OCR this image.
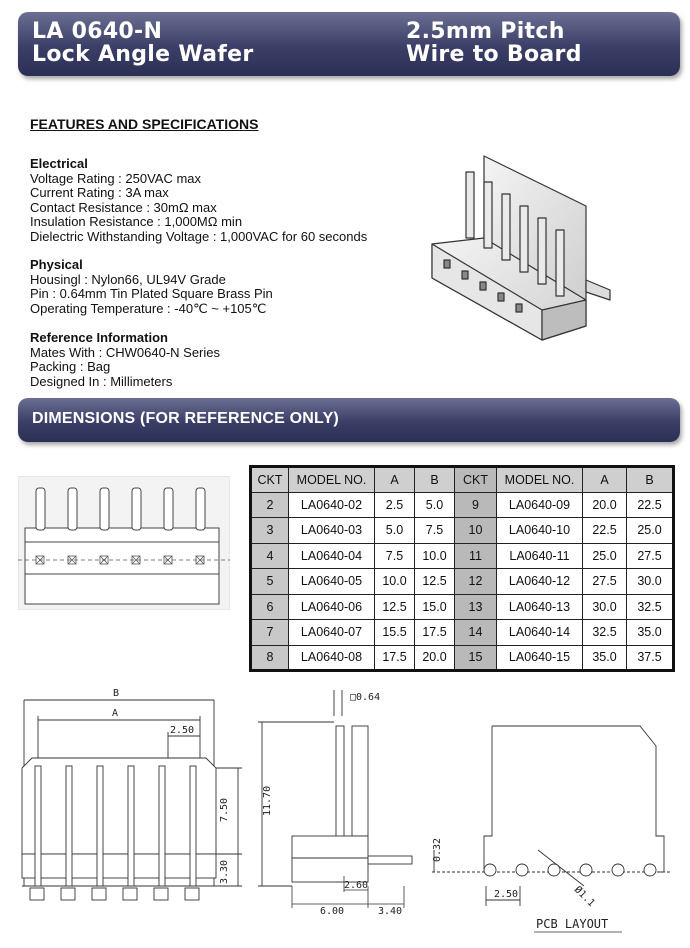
LA 0640-N
Lock Angle Wafer
2.5mm Pitch
Wire to Board
FEATURES AND SPECIFICATIONS
Electrical
Voltage Rating : 250VAC max
Current Rating : 3A max
Contact Resistance : 30mΩ max
Insulation Resistance : 1,000MΩ min
Dielectric Withstanding Voltage : 1,000VAC for 60 seconds
Physical
Housingl : Nylon66, UL94V Grade
Pin : 0.64mm Tin Plated Square Brass Pin
Operating Temperature : -40℃ ~ +105℃
Reference Information
Mates With : CHW0640-N Series
Packing : Bag
Designed In : Millimeters
DIMENSIONS (FOR REFERENCE ONLY)
CKT	MODEL NO.	A	B	CKT	MODEL NO.	A	B
2	LA0640-02	2.5	5.0	9	LA0640-09	20.0	22.5
3	LA0640-03	5.0	7.5	10	LA0640-10	22.5	25.0
4	LA0640-04	7.5	10.0	11	LA0640-11	25.0	27.5
5	LA0640-05	10.0	12.5	12	LA0640-12	27.5	30.0
6	LA0640-06	12.5	15.0	13	LA0640-13	30.0	32.5
7	LA0640-07	15.5	17.5	14	LA0640-14	32.5	35.0
8	LA0640-08	17.5	20.0	15	LA0640-15	35.0	37.5
B
A
2.50
7.50
3.30
□0.64
11.70
2.60
6.00	3.40
0.32
2.50	Ø1.1
PCB LAYOUT
